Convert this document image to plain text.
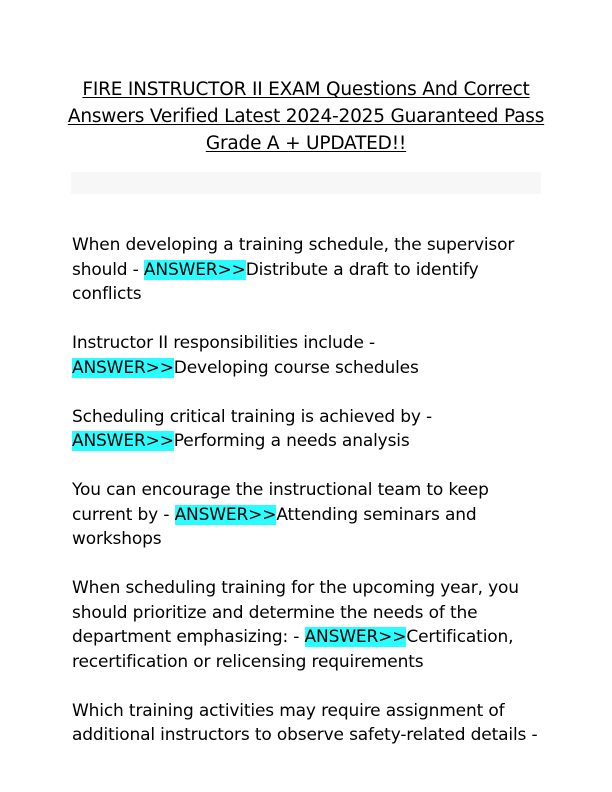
FIRE INSTRUCTOR II EXAM Questions And Correct
Answers Verified Latest 2024-2025 Guaranteed Pass
Grade A + UPDATED!!

When developing a training schedule, the supervisor should - ANSWER>>Distribute a draft to identify conflicts

Instructor II responsibilities include -
ANSWER>>Developing course schedules

Scheduling critical training is achieved by -
ANSWER>>Performing a needs analysis

You can encourage the instructional team to keep current by - ANSWER>>Attending seminars and workshops

When scheduling training for the upcoming year, you should prioritize and determine the needs of the department emphasizing: - ANSWER>>Certification, recertification or relicensing requirements

Which training activities may require assignment of additional instructors to observe safety-related details -
